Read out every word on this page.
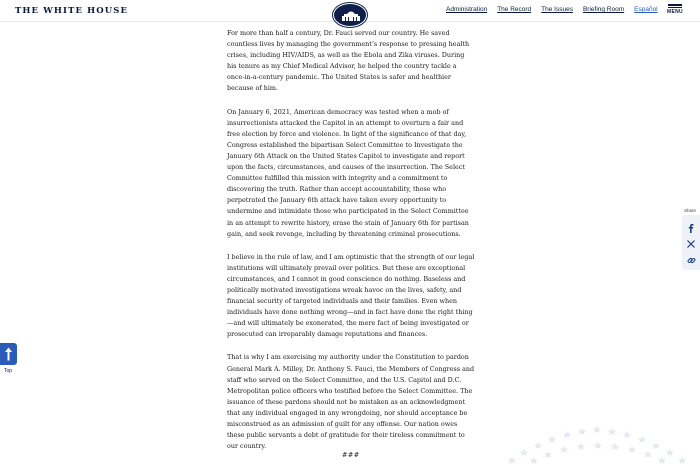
THE WHITE HOUSE	Administration The Record The Issues Briefing Room Español MENU

For more than half a century, Dr. Fauci served our country. He saved countless lives by managing the government’s response to pressing health crises, including HIV/AIDS, as well as the Ebola and Zika viruses. During his tenure as my Chief Medical Advisor, he helped the country tackle a once-in-a-century pandemic. The United States is safer and healthier because of him.

On January 6, 2021, American democracy was tested when a mob of insurrectionists attacked the Capitol in an attempt to overturn a fair and free election by force and violence. In light of the significance of that day, Congress established the bipartisan Select Committee to Investigate the January 6th Attack on the United States Capitol to investigate and report upon the facts, circumstances, and causes of the insurrection. The Select Committee fulfilled this mission with integrity and a commitment to discovering the truth. Rather than accept accountability, those who perpetrated the January 6th attack have taken every opportunity to undermine and intimidate those who participated in the Select Committee in an attempt to rewrite history, erase the stain of January 6th for partisan gain, and seek revenge, including by threatening criminal prosecutions.

I believe in the rule of law, and I am optimistic that the strength of our legal institutions will ultimately prevail over politics. But these are exceptional circumstances, and I cannot in good conscience do nothing. Baseless and politically motivated investigations wreak havoc on the lives, safety, and financial security of targeted individuals and their families. Even when individuals have done nothing wrong—and in fact have done the right thing—and will ultimately be exonerated, the mere fact of being investigated or prosecuted can irreparably damage reputations and finances.

That is why I am exercising my authority under the Constitution to pardon General Mark A. Milley, Dr. Anthony S. Fauci, the Members of Congress and staff who served on the Select Committee, and the U.S. Capitol and D.C. Metropolitan police officers who testified before the Select Committee. The issuance of these pardons should not be mistaken as an acknowledgment that any individual engaged in any wrongdoing, nor should acceptance be misconstrued as an admission of guilt for any offense. Our nation owes these public servants a debt of gratitude for their tireless commitment to our country.

###
Share
Top
